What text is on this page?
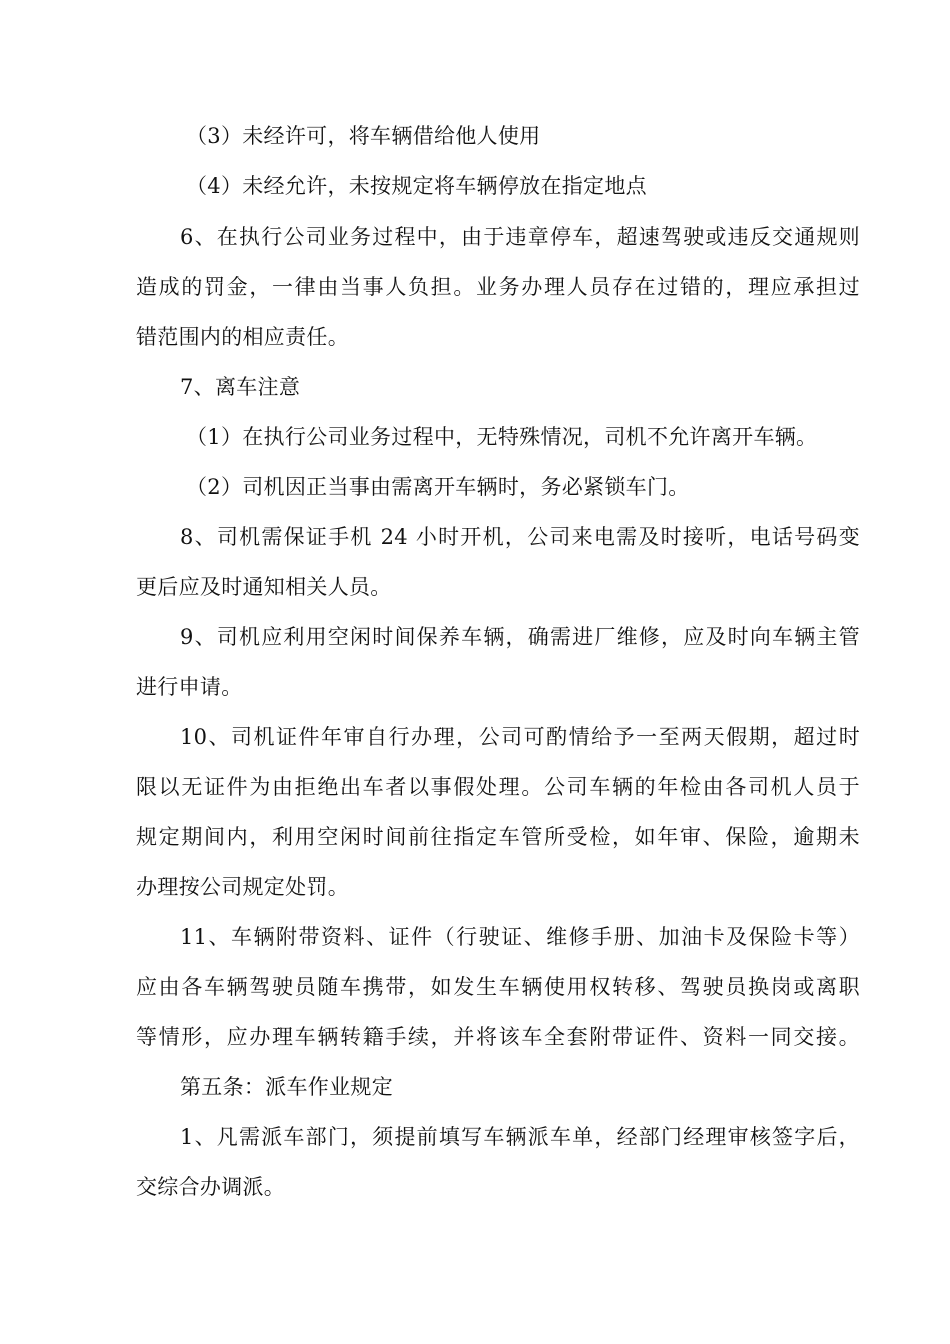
（3）未经许可，将车辆借给他人使用
（4）未经允许，未按规定将车辆停放在指定地点
6、在执行公司业务过程中，由于违章停车，超速驾驶或违反交通规则
造成的罚金，一律由当事人负担。业务办理人员存在过错的，理应承担过
错范围内的相应责任。
7、离车注意
（1）在执行公司业务过程中，无特殊情况，司机不允许离开车辆。
（2）司机因正当事由需离开车辆时，务必紧锁车门。
8、司机需保证手机 24 小时开机，公司来电需及时接听，电话号码变
更后应及时通知相关人员。
9、司机应利用空闲时间保养车辆，确需进厂维修，应及时向车辆主管
进行申请。
10、司机证件年审自行办理，公司可酌情给予一至两天假期，超过时
限以无证件为由拒绝出车者以事假处理。公司车辆的年检由各司机人员于
规定期间内，利用空闲时间前往指定车管所受检，如年审、保险，逾期未
办理按公司规定处罚。
11、车辆附带资料、证件（行驶证、维修手册、加油卡及保险卡等）
应由各车辆驾驶员随车携带，如发生车辆使用权转移、驾驶员换岗或离职
等情形，应办理车辆转籍手续，并将该车全套附带证件、资料一同交接。
第五条：派车作业规定
1、凡需派车部门，须提前填写车辆派车单，经部门经理审核签字后，
交综合办调派。
